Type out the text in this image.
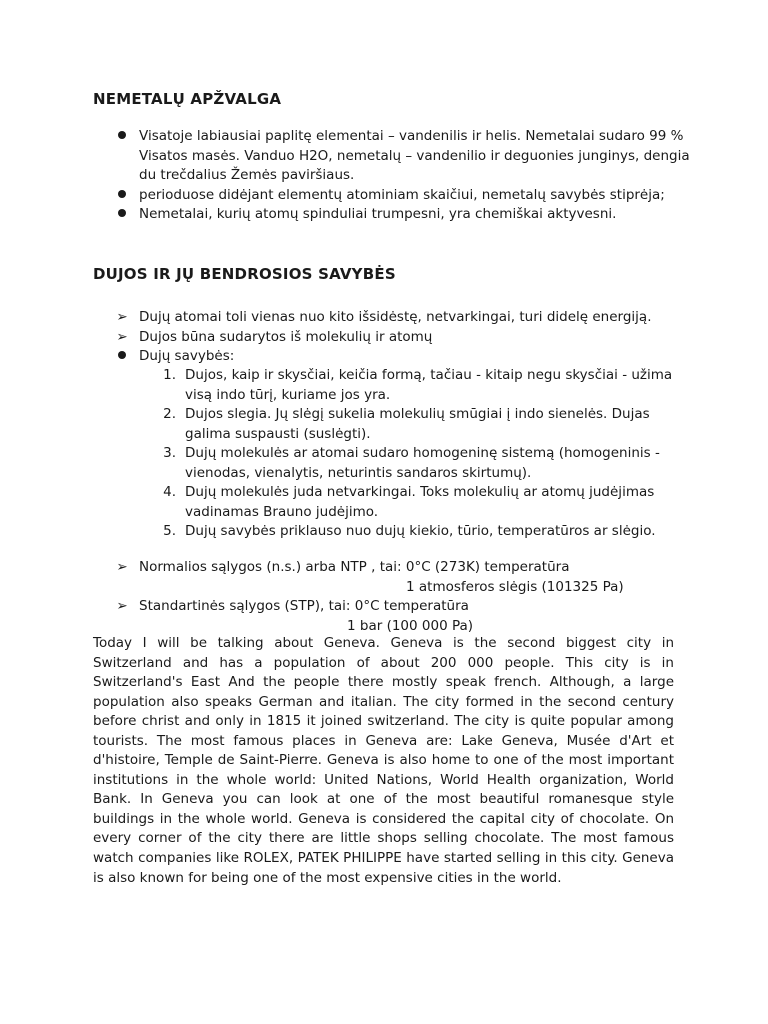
NEMETALŲ APŽVALGA
Visatoje labiausiai paplitę elementai – vandenilis ir helis. Nemetalai sudaro 99 % Visatos masės. Vanduo H2O, nemetalų – vandenilio ir deguonies junginys, dengia du trečdalius Žemės paviršiaus.
perioduose didėjant elementų atominiam skaičiui, nemetalų savybės stiprėja;
Nemetalai, kurių atomų spinduliai trumpesni, yra chemiškai aktyvesni.
DUJOS IR JŲ BENDROSIOS SAVYBĖS
➢ Dujų atomai toli vienas nuo kito išsidėstę, netvarkingai, turi didelę energiją.
➢ Dujos būna sudarytos iš molekulių ir atomų
Dujų savybės:
1. Dujos, kaip ir skysčiai, keičia formą, tačiau - kitaip negu skysčiai - užima visą indo tūrį, kuriame jos yra.
2. Dujos slegia. Jų slėgį sukelia molekulių smūgiai į indo sienelės. Dujas galima suspausti (suslėgti).
3. Dujų molekulės ar atomai sudaro homogeninę sistemą (homogeninis - vienodas, vienalytis, neturintis sandaros skirtumų).
4. Dujų molekulės juda netvarkingai. Toks molekulių ar atomų judėjimas vadinamas Brauno judėjimo.
5. Dujų savybės priklauso nuo dujų kiekio, tūrio, temperatūros ar slėgio.
➢ Normalios sąlygos (n.s.) arba NTP , tai: 0°C (273K) temperatūra
1 atmosferos slėgis (101325 Pa)
➢ Standartinės sąlygos (STP), tai: 0°C temperatūra
1 bar (100 000 Pa)

Today I will be talking about Geneva. Geneva is the second biggest city in Switzerland and has a population of about 200 000 people. This city is in Switzerland's East And the people there mostly speak french. Although, a large population also speaks German and italian. The city formed in the second century before christ and only in 1815 it joined switzerland. The city is quite popular among tourists. The most famous places in Geneva are: Lake Geneva, Musée d'Art et d'histoire, Temple de Saint-Pierre. Geneva is also home to one of the most important institutions in the whole world: United Nations, World Health organization, World Bank. In Geneva you can look at one of the most beautiful romanesque style buildings in the whole world. Geneva is considered the capital city of chocolate. On every corner of the city there are little shops selling chocolate. The most famous watch companies like ROLEX, PATEK PHILIPPE have started selling in this city. Geneva is also known for being one of the most expensive cities in the world.
